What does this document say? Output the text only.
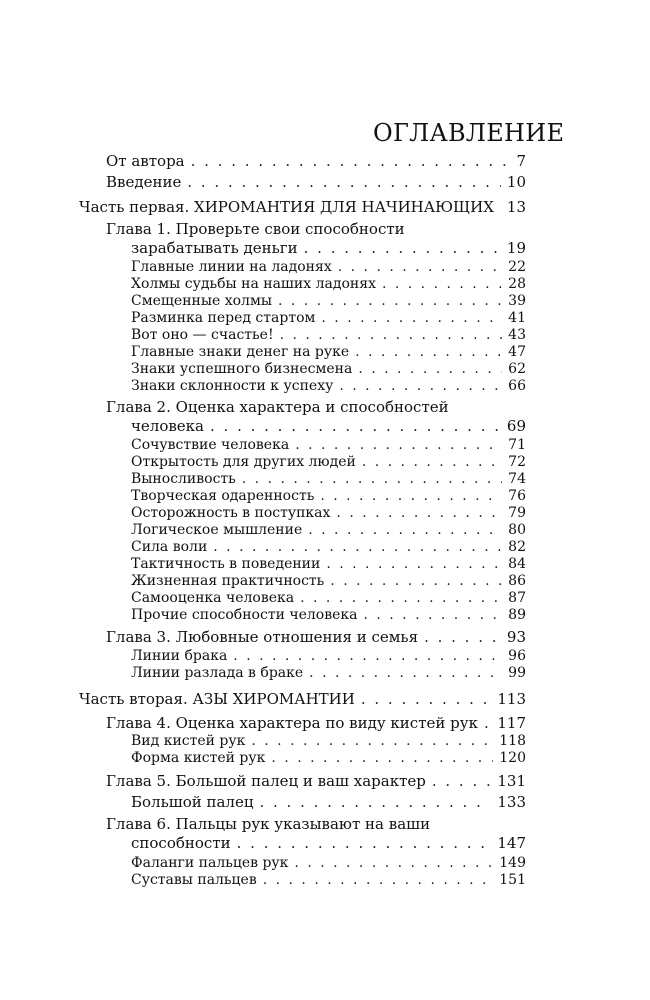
ОГЛАВЛЕНИЕ
От автора . . .	7
Введение . . .	10
Часть первая. ХИРОМАНТИЯ ДЛЯ НАЧИНАЮЩИХ . . . 13
Глава 1. Проверьте свои способности
зарабатывать деньги . . .	19
Главные линии на ладонях . . .	22
Холмы судьбы на наших ладонях . . .	28
Смещенные холмы . . .	39
Разминка перед стартом . . .	41
Вот оно — счастье! . . .	43
Главные знаки денег на руке . . .	47
Знаки успешного бизнесмена . . .	62
Знаки склонности к успеху . . .	66
Глава 2. Оценка характера и способностей
человека . . .	69
Сочувствие человека . . .	71
Открытость для других людей . . .	72
Выносливость . . .	74
Творческая одаренность . . .	76
Осторожность в поступках . . .	79
Логическое мышление . . .	80
Сила воли . . .	82
Тактичность в поведении . . .	84
Жизненная практичность . . .	86
Самооценка человека . . .	87
Прочие способности человека . . .	89
Глава 3. Любовные отношения и семья . . .	93
Линии брака . . .	96
Линии разлада в браке . . .	99
Часть вторая. АЗЫ ХИРОМАНТИИ . . .	113
Глава 4. Оценка характера по виду кистей рук . . . 117
Вид кистей рук . . .	118
Форма кистей рук . . .	120
Глава 5. Большой палец и ваш характер . . .	131
Большой палец . . .	133
Глава 6. Пальцы рук указывают на ваши
способности . . .	147
Фаланги пальцев рук . . .	149
Суставы пальцев . . .	151
